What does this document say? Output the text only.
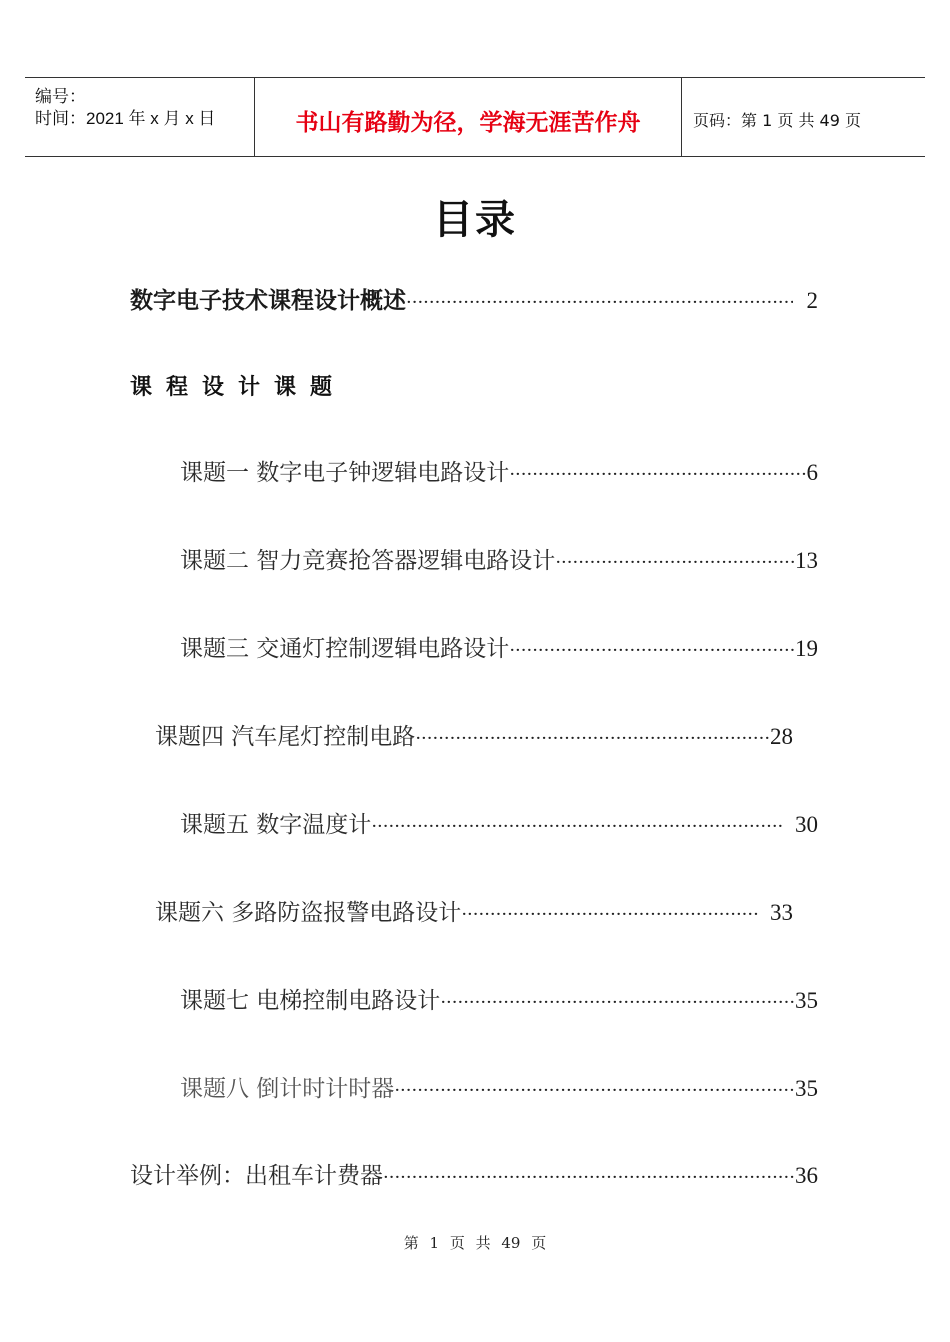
编号：
时间：2021 年 x 月 x 日	书山有路勤为径，学海无涯苦作舟	页码：第 1 页 共 49 页
目录
数字电子技术课程设计概述 ·····	2
课程设计课题
课题一 数字电子钟逻辑电路设计 ·····	6
课题二 智力竞赛抢答器逻辑电路设计 ·····	13
课题三 交通灯控制逻辑电路设计 ·····	19
课题四 汽车尾灯控制电路 ·····	28
课题五 数字温度计 ·····	30
课题六 多路防盗报警电路设计 ·····	33
课题七 电梯控制电路设计 ·····	35
课题八 倒计时计时器 ·····	35
设计举例：出租车计费器 ·····	36
第 1 页 共 49 页
